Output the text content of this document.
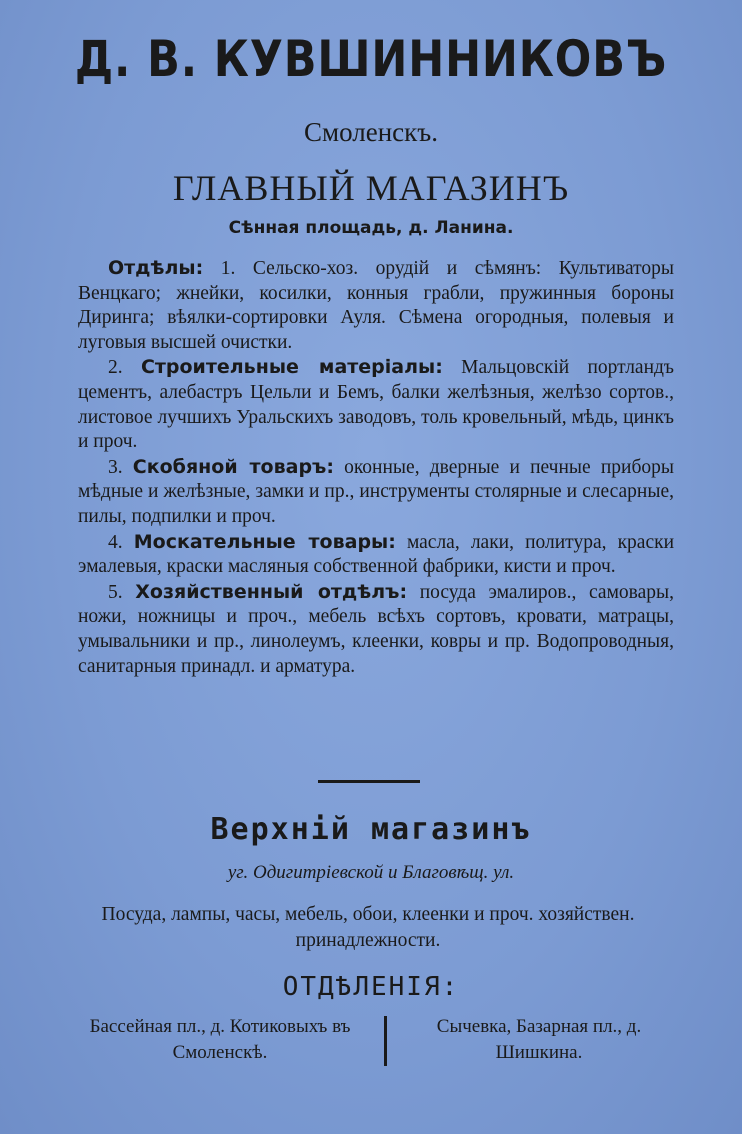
Д. В. КУВШИННИКОВЪ
Смоленскъ.
ГЛАВНЫЙ МАГАЗИНЪ
Сѣнная площадь, д. Ланина.

Отдѣлы: 1. Сельско-хоз. орудій и сѣмянъ: Культиваторы Венцкаго; жнейки, косилки, конныя грабли, пружинныя бороны Диринга; вѣялки-сортировки Ауля. Сѣмена огородныя, полевыя и луговыя высшей очистки.

2. Строительные матеріалы: Мальцовскій портландъ цементъ, алебастръ Цельли и Бемъ, балки желѣзныя, желѣзо сортов., листовое лучшихъ Уральскихъ заводовъ, толь кровельный, мѣдь, цинкъ и проч.

3. Скобяной товаръ: оконные, дверные и печные приборы мѣдные и желѣзные, замки и пр., инструменты столярные и слесарные, пилы, подпилки и проч.

4. Москательные товары: масла, лаки, политура, краски эмалевыя, краски масляныя собственной фабрики, кисти и проч.

5. Хозяйственный отдѣлъ: посуда эмалиров., самовары, ножи, ножницы и проч., мебель всѣхъ сортовъ, кровати, матрацы, умывальники и пр., линолеумъ, клеенки, ковры и пр. Водопроводныя, санитарныя принадл. и арматура.

Верхній магазинъ
уг. Одигитріевской и Благовѣщ. ул.
Посуда, лампы, часы, мебель, обои, клеенки и проч. хозяйствен. принадлежности.
ОТДѢЛЕНІЯ:
Бассейная пл., д. Котиковыхъ въ Смоленскѣ.
Сычевка, Базарная пл., д. Шишкина.
